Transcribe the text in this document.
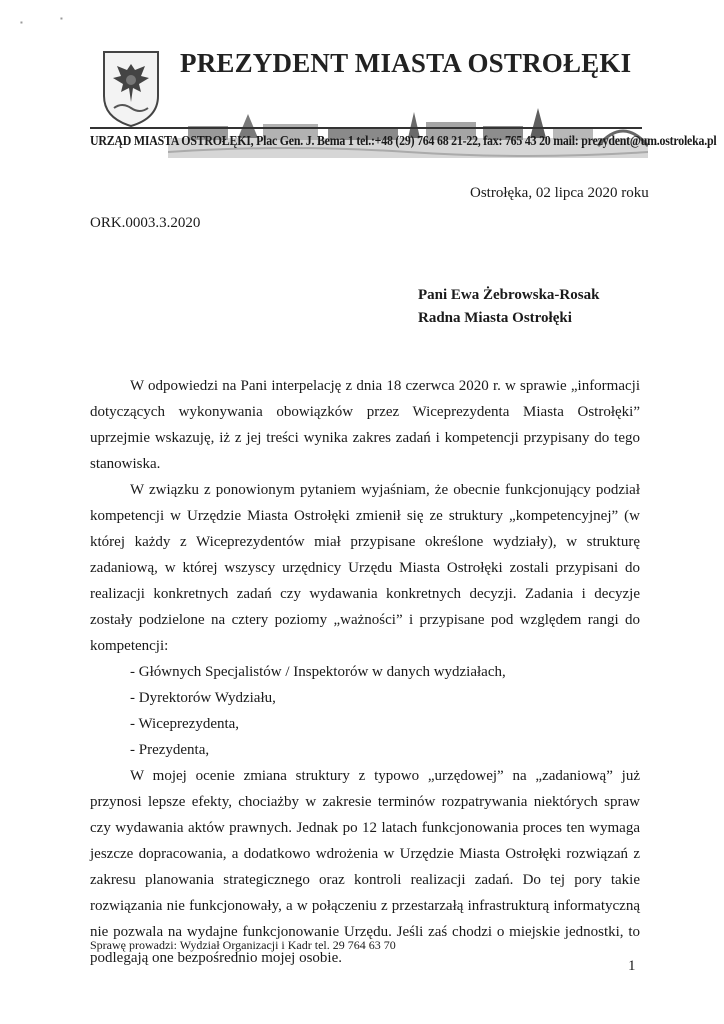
PREZYDENT MIASTA OSTROŁĘKI
URZĄD MIASTA OSTROŁĘKI, Plac Gen. J. Bema 1 tel.:+48 (29) 764 68 21-22, fax: 765 43 20 mail: prezydent@um.ostroleka.pl
▪	▪
Ostrołęka, 02 lipca 2020 roku
ORK.0003.3.2020
Pani Ewa Żebrowska-Rosak
Radna Miasta Ostrołęki

W odpowiedzi na Pani interpelację z dnia 18 czerwca 2020 r. w sprawie „informacji dotyczących wykonywania obowiązków przez Wiceprezydenta Miasta Ostrołęki” uprzejmie wskazuję, iż z jej treści wynika zakres zadań i kompetencji przypisany do tego stanowiska.

W związku z ponowionym pytaniem wyjaśniam, że obecnie funkcjonujący podział kompetencji w Urzędzie Miasta Ostrołęki zmienił się ze struktury „kompetencyjnej” (w której każdy z Wiceprezydentów miał przypisane określone wydziały), w strukturę zadaniową, w której wszyscy urzędnicy Urzędu Miasta Ostrołęki zostali przypisani do realizacji konkretnych zadań czy wydawania konkretnych decyzji. Zadania i decyzje zostały podzielone na cztery poziomy „ważności” i przypisane pod względem rangi do kompetencji:

- Głównych Specjalistów / Inspektorów w danych wydziałach,
- Dyrektorów Wydziału,
- Wiceprezydenta,
- Prezydenta,

W mojej ocenie zmiana struktury z typowo „urzędowej” na „zadaniową” już przynosi lepsze efekty, chociażby w zakresie terminów rozpatrywania niektórych spraw czy wydawania aktów prawnych. Jednak po 12 latach funkcjonowania proces ten wymaga jeszcze dopracowania, a dodatkowo wdrożenia w Urzędzie Miasta Ostrołęki rozwiązań z zakresu planowania strategicznego oraz kontroli realizacji zadań. Do tej pory takie rozwiązania nie funkcjonowały, a w połączeniu z przestarzałą infrastrukturą informatyczną nie pozwala na wydajne funkcjonowanie Urzędu. Jeśli zaś chodzi o miejskie jednostki, to podlegają one bezpośrednio mojej osobie.

Sprawę prowadzi: Wydział Organizacji i Kadr tel. 29 764 63 70
1
